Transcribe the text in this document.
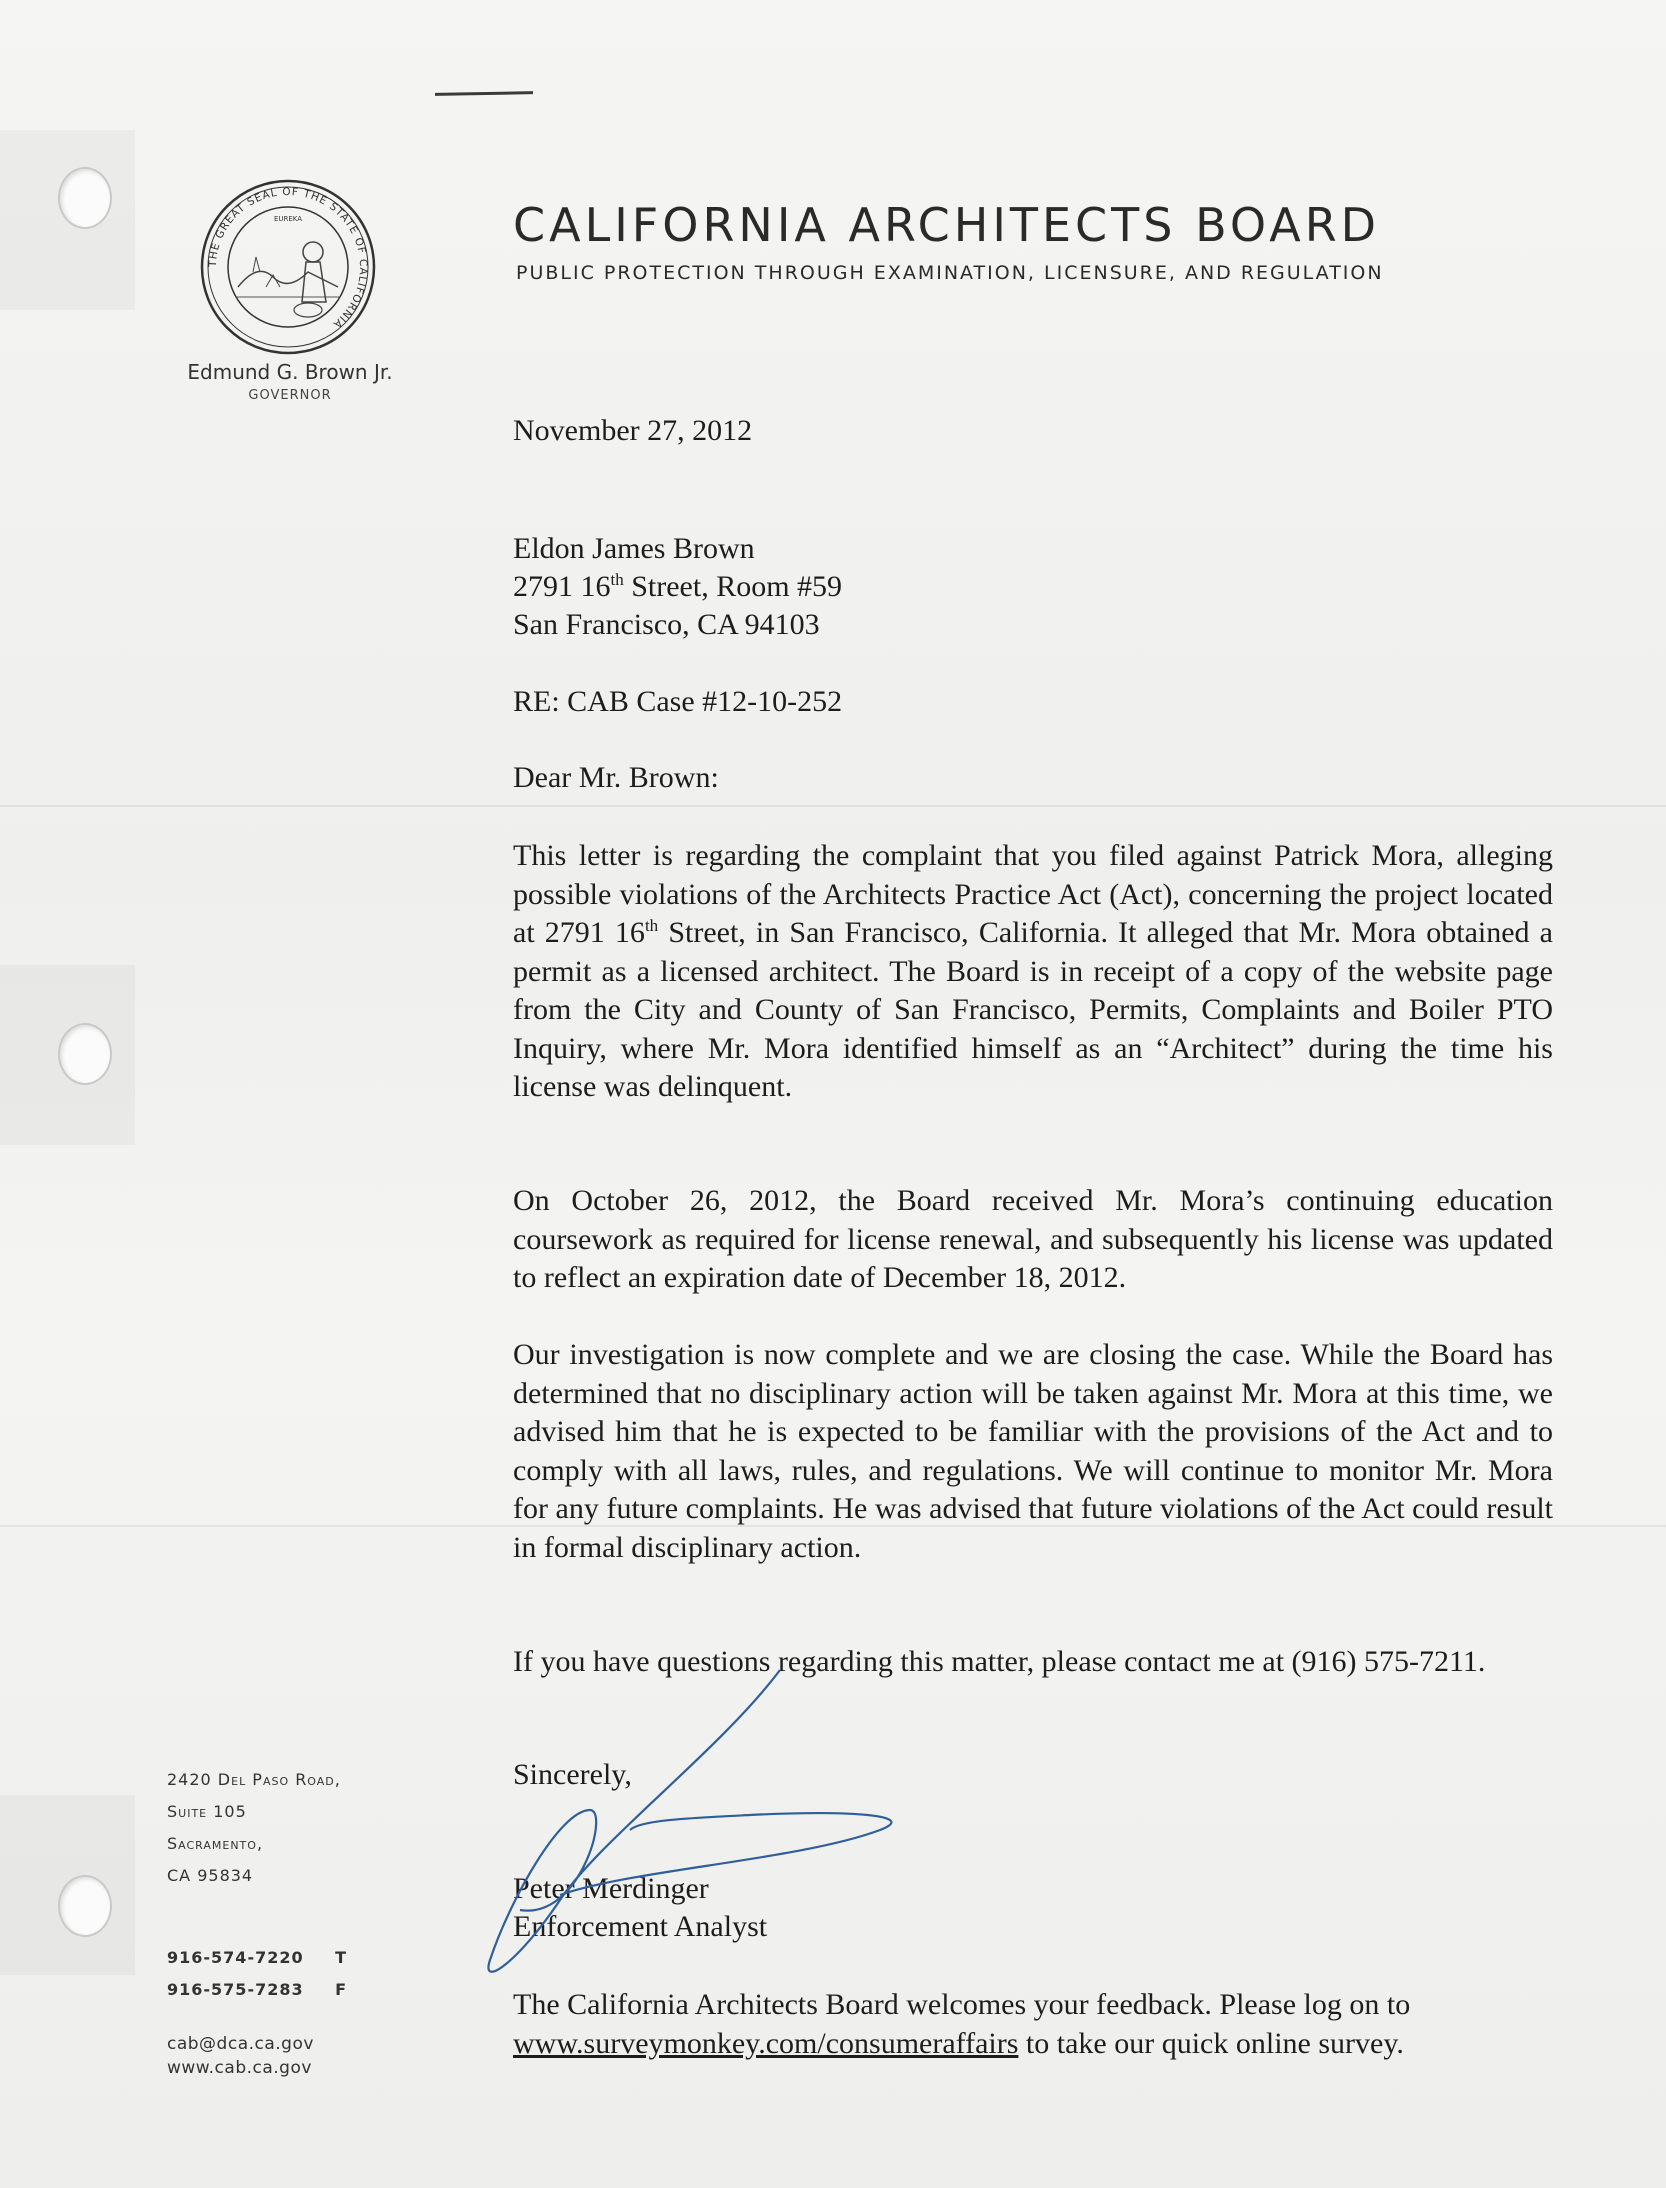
THE GREAT SEAL OF THE STATE OF CALIFORNIA
EUREKA
Edmund G. Brown Jr.
GOVERNOR
CALIFORNIA ARCHITECTS BOARD
PUBLIC PROTECTION THROUGH EXAMINATION, LICENSURE, AND REGULATION
November 27, 2012
Eldon James Brown
2791 16th Street, Room #59
San Francisco, CA 94103
RE: CAB Case #12-10-252
Dear Mr. Brown:
This letter is regarding the complaint that you filed against Patrick Mora, alleging possible violations of the Architects Practice Act (Act), concerning the project located at 2791 16th Street, in San Francisco, California. It alleged that Mr. Mora obtained a permit as a licensed architect. The Board is in receipt of a copy of the website page from the City and County of San Francisco, Permits, Complaints and Boiler PTO Inquiry, where Mr. Mora identified himself as an “Architect” during the time his license was delinquent.
On October 26, 2012, the Board received Mr. Mora’s continuing education coursework as required for license renewal, and subsequently his license was updated to reflect an expiration date of December 18, 2012.
Our investigation is now complete and we are closing the case. While the Board has determined that no disciplinary action will be taken against Mr. Mora at this time, we advised him that he is expected to be familiar with the provisions of the Act and to comply with all laws, rules, and regulations. We will continue to monitor Mr. Mora for any future complaints. He was advised that future violations of the Act could result in formal disciplinary action.
If you have questions regarding this matter, please contact me at (916) 575-7211.
Sincerely,
Peter Merdinger
Enforcement Analyst
The California Architects Board welcomes your feedback. Please log on to www.surveymonkey.com/consumeraffairs to take our quick online survey.
2420 Del Paso Road,
Suite 105
Sacramento,
CA 95834
916-574-7220 T
916-575-7283 F
cab@dca.ca.gov
www.cab.ca.gov
